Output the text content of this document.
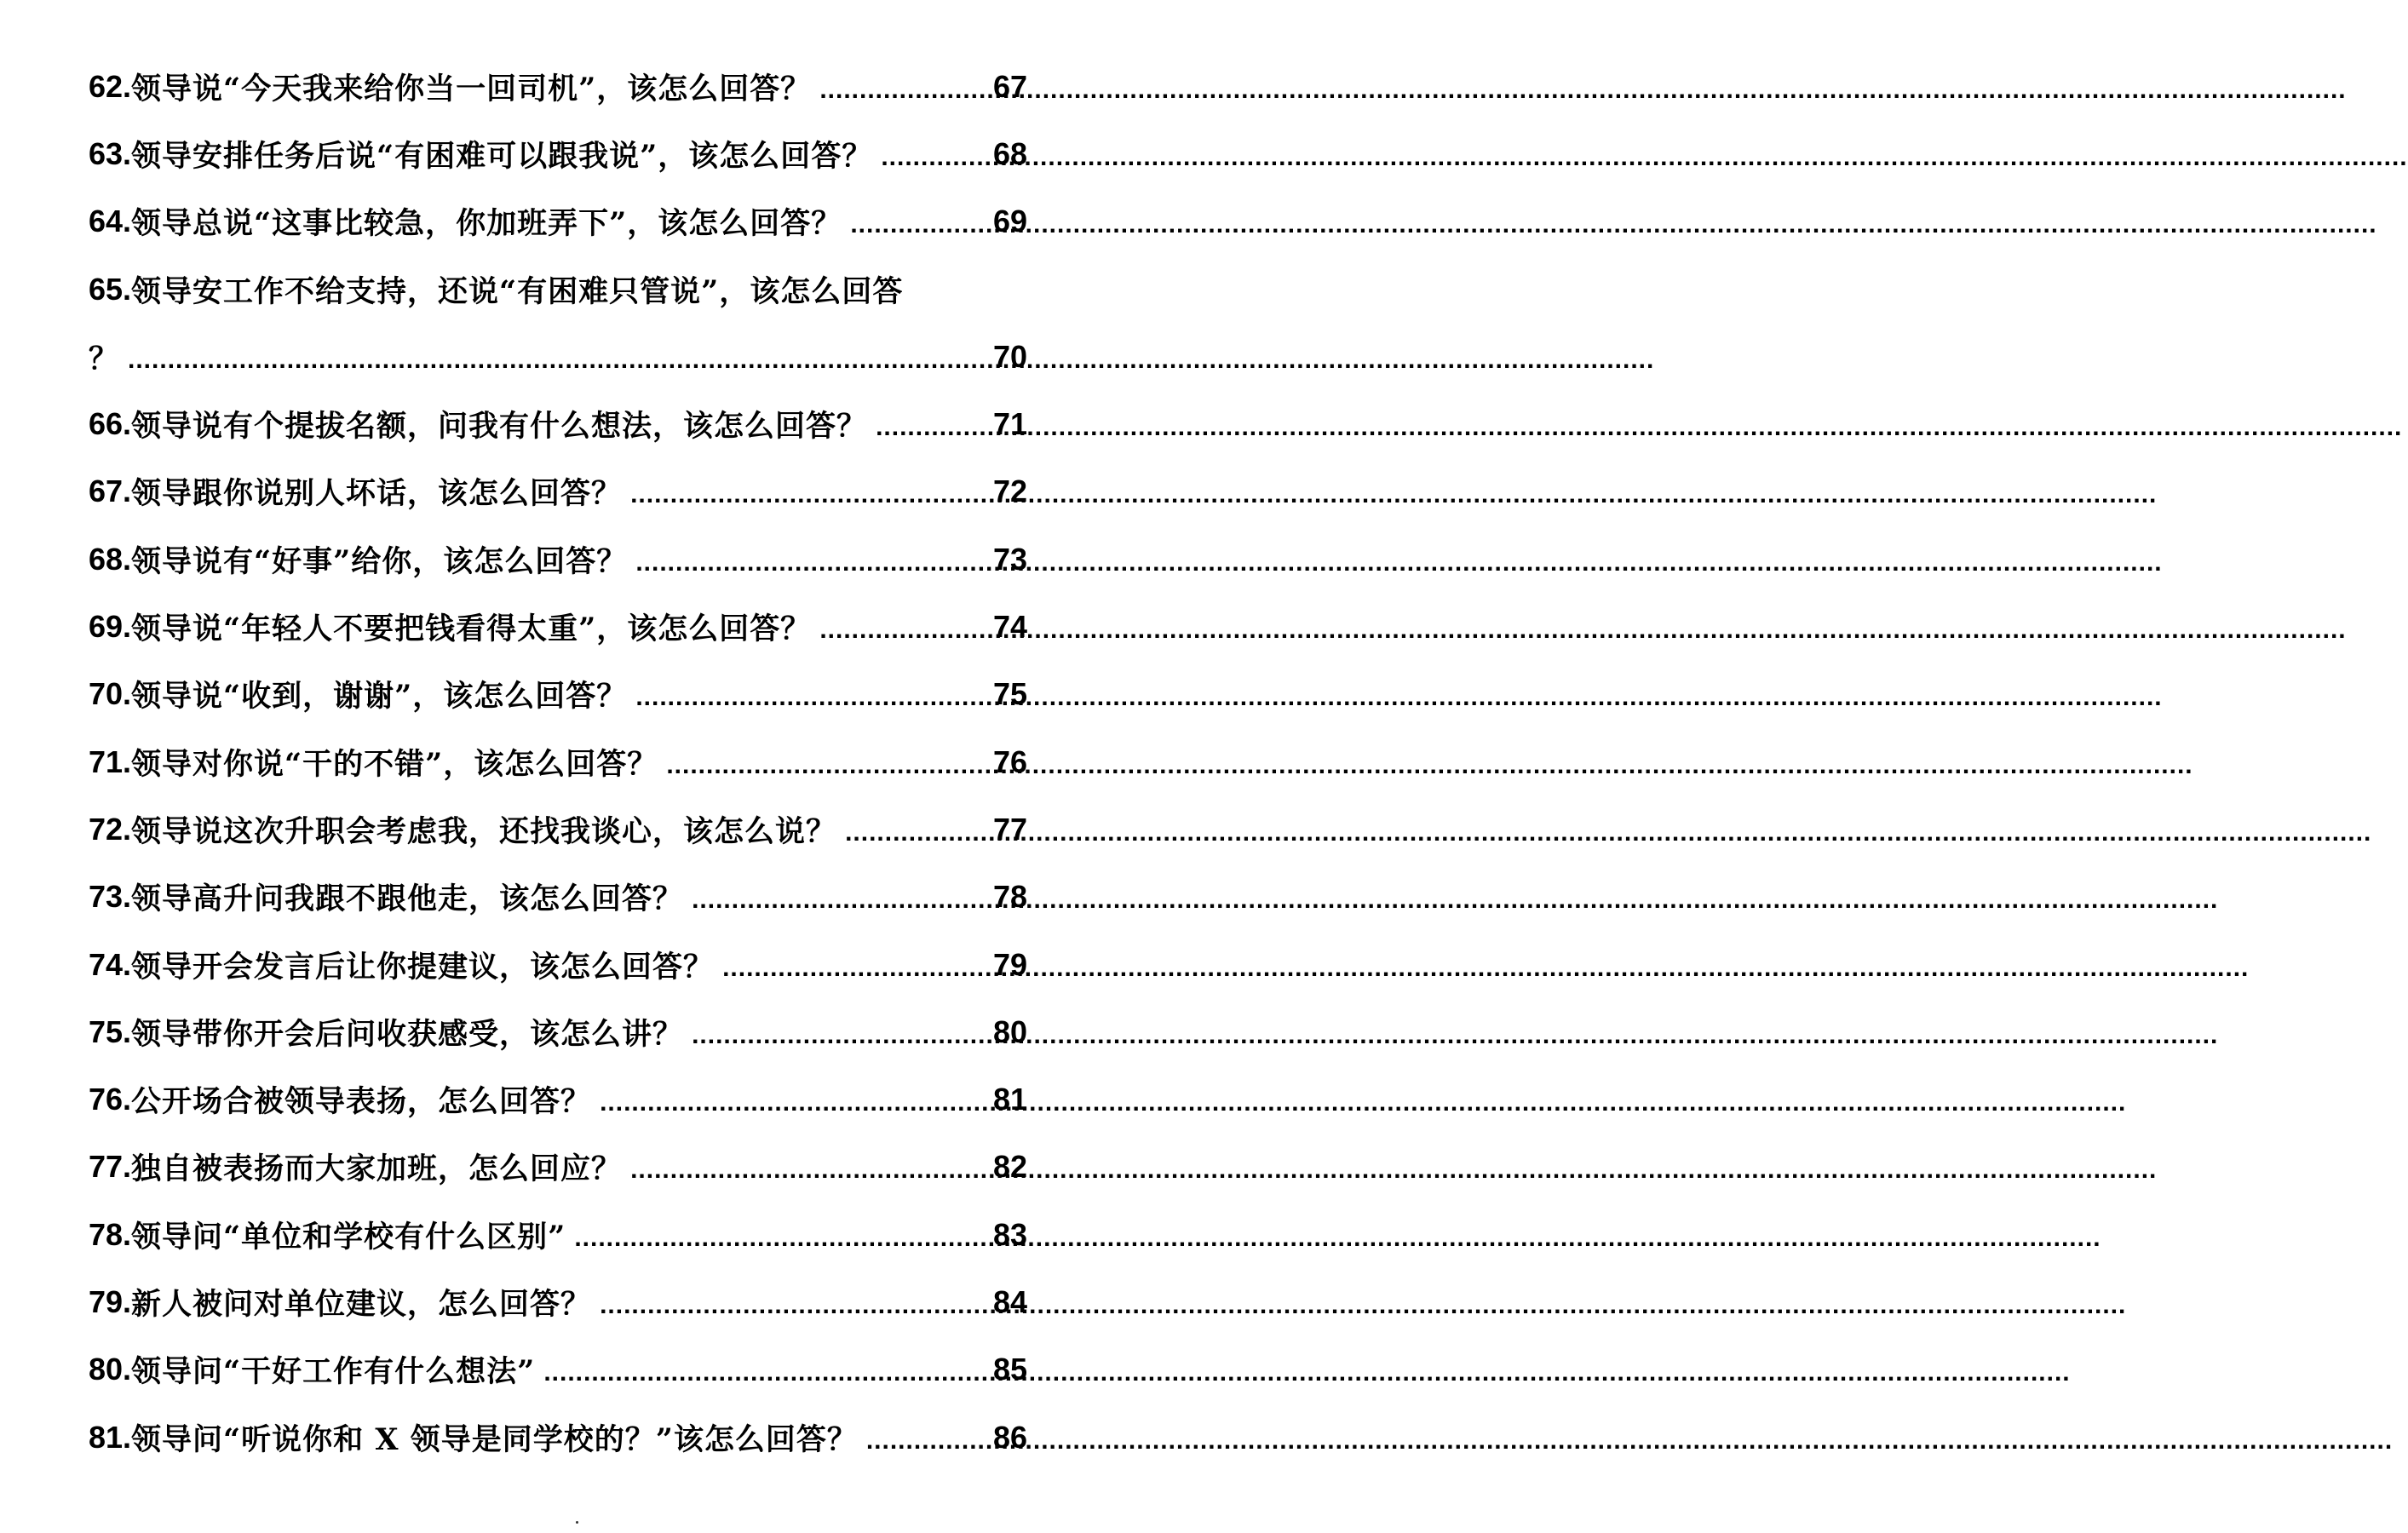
62. 领导说“今天我来给你当一回司机”，该怎么回答？ .....	67
63. 领导安排任务后说“有困难可以跟我说”，该怎么回答？ .....	68
64. 领导总说“这事比较急，你加班弄下”，该怎么回答？ .....	69
65. 领导安工作不给支持，还说“有困难只管说”，该怎么回答
？ .....	70
66. 领导说有个提拔名额，问我有什么想法，该怎么回答？ .....	71
67. 领导跟你说别人坏话，该怎么回答？ .....	72
68. 领导说有“好事”给你，该怎么回答？ .....	73
69. 领导说“年轻人不要把钱看得太重”，该怎么回答？ .....	74
70. 领导说“收到，谢谢”，该怎么回答？ .....	75
71. 领导对你说“干的不错”，该怎么回答？ .....	76
72. 领导说这次升职会考虑我，还找我谈心，该怎么说？ .....	77
73. 领导高升问我跟不跟他走，该怎么回答？ .....	78
74. 领导开会发言后让你提建议，该怎么回答？ .....	79
75. 领导带你开会后问收获感受，该怎么讲？ .....	80
76. 公开场合被领导表扬，怎么回答？ .....	81
77. 独自被表扬而大家加班，怎么回应？ .....	82
78. 领导问“单位和学校有什么区别” .....	83
79. 新人被问对单位建议，怎么回答？ .....	84
80. 领导问“干好工作有什么想法” .....	85
81. 领导问“听说你和 X 领导是同学校的？”该怎么回答？ .....	86
